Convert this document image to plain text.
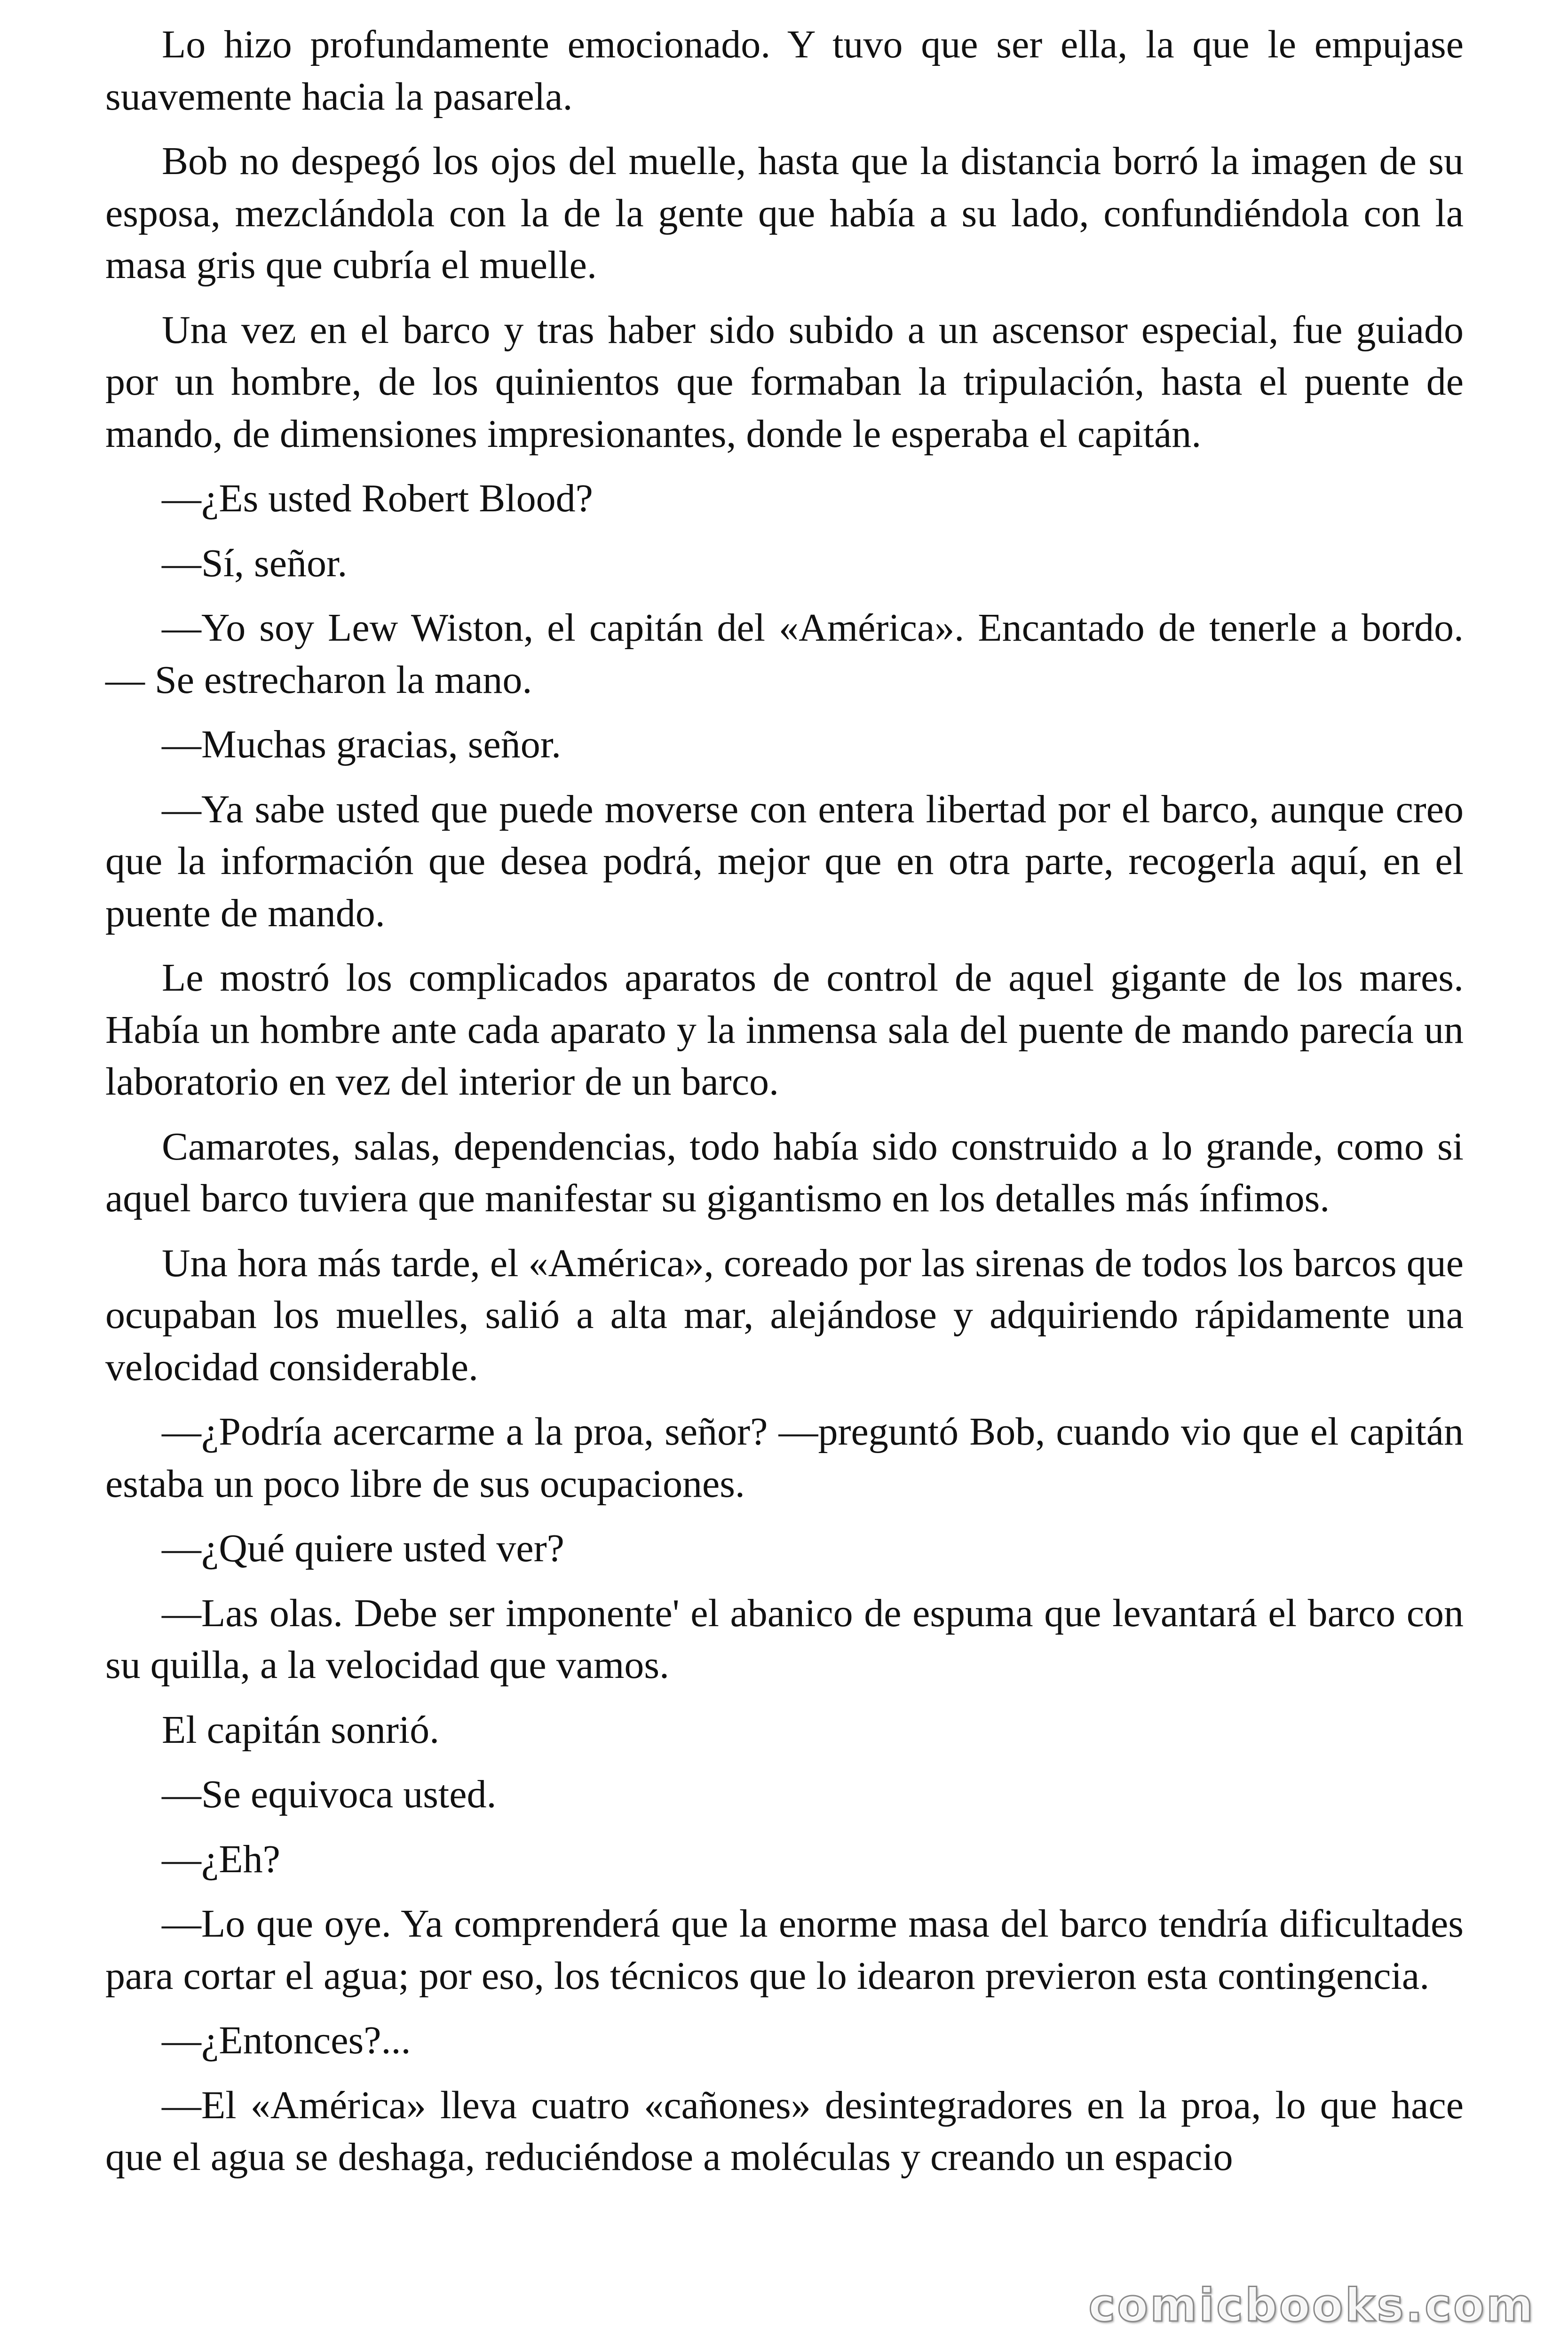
Lo hizo profundamente emocionado. Y tuvo que ser ella, la que le empujase suavemente hacia la pasarela.

Bob no despegó los ojos del muelle, hasta que la distancia borró la imagen de su esposa, mezclándola con la de la gente que había a su lado, confundiéndola con la masa gris que cubría el muelle.

Una vez en el barco y tras haber sido subido a un ascensor especial, fue guiado por un hombre, de los quinientos que formaban la tripulación, hasta el puente de mando, de dimensiones impresionantes, donde le esperaba el capitán.

—¿Es usted Robert Blood?

—Sí, señor.

—Yo soy Lew Wiston, el capitán del «América». Encantado de tenerle a bordo. — Se estrecharon la mano.

—Muchas gracias, señor.

—Ya sabe usted que puede moverse con entera libertad por el barco, aunque creo que la información que desea podrá, mejor que en otra parte, recogerla aquí, en el puente de mando.

Le mostró los complicados aparatos de control de aquel gigante de los mares. Había un hombre ante cada aparato y la inmensa sala del puente de mando parecía un laboratorio en vez del interior de un barco.

Camarotes, salas, dependencias, todo había sido construido a lo grande, como si aquel barco tuviera que manifestar su gigantismo en los detalles más ínfimos.

Una hora más tarde, el «América», coreado por las sirenas de todos los barcos que ocupaban los muelles, salió a alta mar, alejándose y adquiriendo rápidamente una velocidad considerable.

—¿Podría acercarme a la proa, señor? —preguntó Bob, cuando vio que el capitán estaba un poco libre de sus ocupaciones.

—¿Qué quiere usted ver?

—Las olas. Debe ser imponente' el abanico de espuma que levantará el barco con su quilla, a la velocidad que vamos.

El capitán sonrió.

—Se equivoca usted.

—¿Eh?

—Lo que oye. Ya comprenderá que la enorme masa del barco tendría dificultades para cortar el agua; por eso, los técnicos que lo idearon previeron esta contingencia.

—¿Entonces?...

—El «América» lleva cuatro «cañones» desintegradores en la proa, lo que hace que el agua se deshaga, reduciéndose a moléculas y creando un espacio

comicbooks.com
